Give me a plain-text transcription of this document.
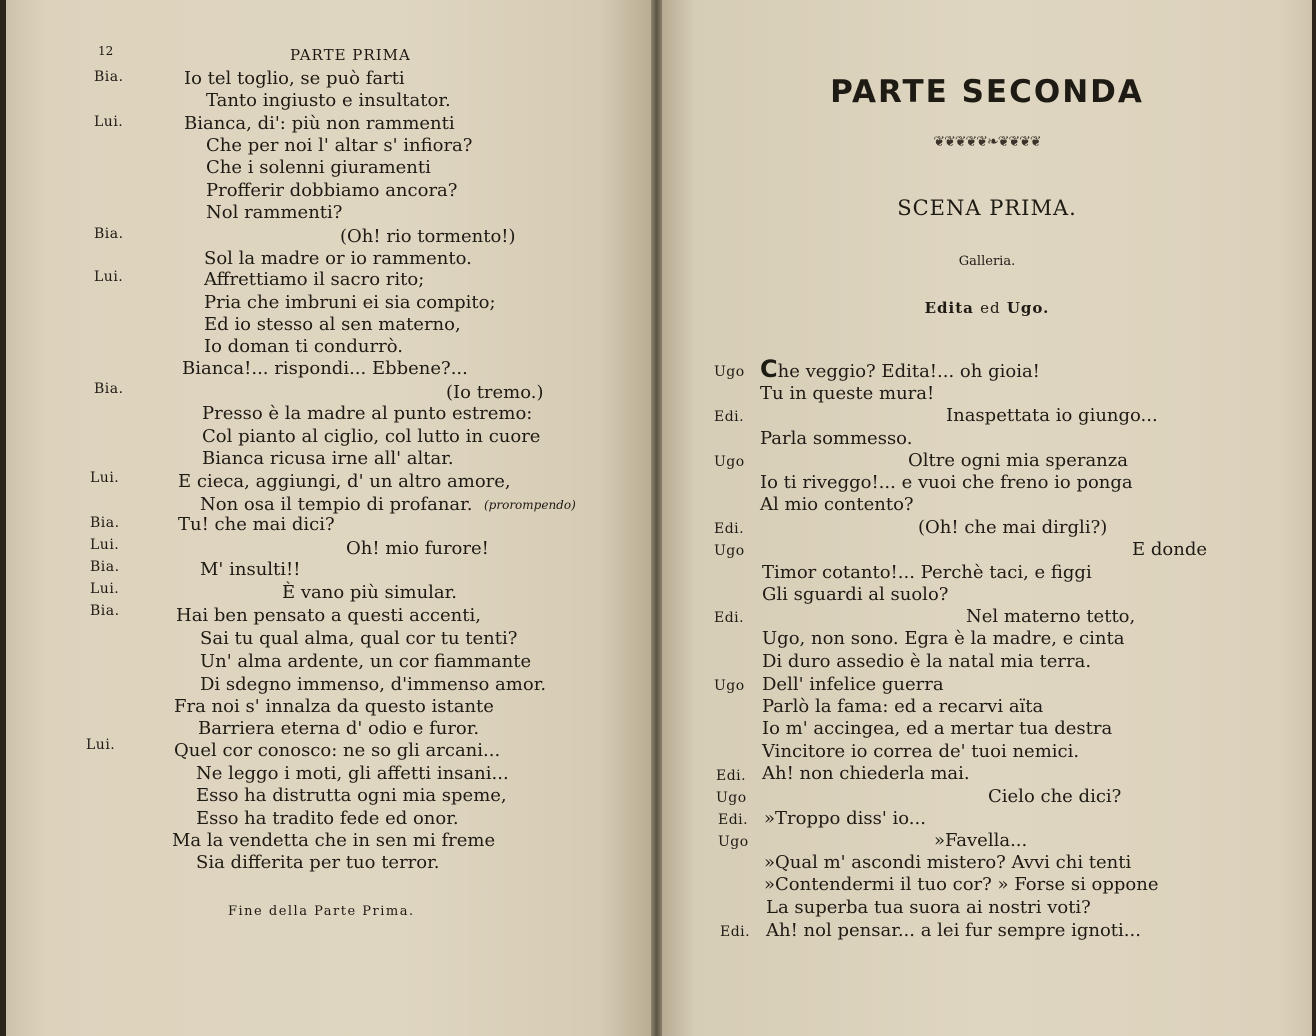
12	PARTE PRIMA
Bia.
Lui.
Bia.
Lui.
Bia.
Lui.
Bia.
Lui.
Bia.
Lui.
Bia.
Lui.
Io tel toglio, se può farti
Tanto ingiusto e insultator.
Bianca, di': più non rammenti
Che per noi l' altar s' infiora?
Che i solenni giuramenti
Profferir dobbiamo ancora?
Nol rammenti?
(Oh! rio tormento!)
Sol la madre or io rammento.
Affrettiamo il sacro rito;
Pria che imbruni ei sia compito;
Ed io stesso al sen materno,
Io doman ti condurrò.
Bianca!... rispondi... Ebbene?...
(Io tremo.)
Presso è la madre al punto estremo:
Col pianto al ciglio, col lutto in cuore
Bianca ricusa irne all' altar.
E cieca, aggiungi, d' un altro amore,
Non osa il tempio di profanar. (prorompendo)
Tu! che mai dici?
Oh! mio furore!
M' insulti!!
È vano più simular.
Hai ben pensato a questi accenti,
Sai tu qual alma, qual cor tu tenti?
Un' alma ardente, un cor fiammante
Di sdegno immenso, d'immenso amor.
Fra noi s' innalza da questo istante
Barriera eterna d' odio e furor.
Quel cor conosco: ne so gli arcani...
Ne leggo i moti, gli affetti insani...
Esso ha distrutta ogni mia speme,
Esso ha tradito fede ed onor.
Ma la vendetta che in sen mi freme
Sia differita per tuo terror.
Fine della Parte Prima.
PARTE SECONDA
❦❦❦❦❦❧❦❦❦❦
SCENA PRIMA.
Galleria.
Edita ed Ugo.
Ugo
Edi.
Ugo
Edi.
Ugo
Edi.
Ugo
Edi.
Ugo
Edi.
Ugo
Edi.
Che veggio? Edita!... oh gioia!
Tu in queste mura!
Inaspettata io giungo...
Parla sommesso.
Oltre ogni mia speranza
Io ti riveggo!... e vuoi che freno io ponga
Al mio contento?
(Oh! che mai dirgli?)
E donde
Timor cotanto!... Perchè taci, e figgi
Gli sguardi al suolo?
Nel materno tetto,
Ugo, non sono. Egra è la madre, e cinta
Di duro assedio è la natal mia terra.
Dell' infelice guerra
Parlò la fama: ed a recarvi aïta
Io m' accingea, ed a mertar tua destra
Vincitore io correa de' tuoi nemici.
Ah! non chiederla mai.
Cielo che dici?
»Troppo diss' io...
»Favella...
»Qual m' ascondi mistero? Avvi chi tenti
»Contendermi il tuo cor? » Forse si oppone
La superba tua suora ai nostri voti?
Ah! nol pensar... a lei fur sempre ignoti...
